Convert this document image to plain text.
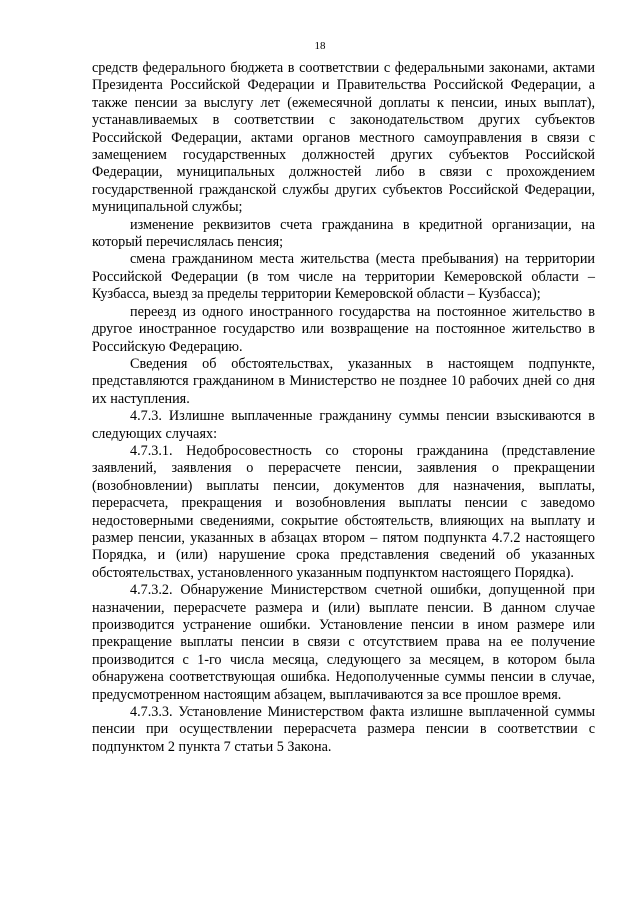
18

средств федерального бюджета в соответствии с федеральными законами, актами Президента Российской Федерации и Правительства Российской Федерации, а также пенсии за выслугу лет (ежемесячной доплаты к пенсии, иных выплат), устанавливаемых в соответствии с законодательством других субъектов Российской Федерации, актами органов местного самоуправления в связи с замещением государственных должностей других субъектов Российской Федерации, муниципальных должностей либо в связи с прохождением государственной гражданской службы других субъектов Российской Федерации, муниципальной службы;

изменение реквизитов счета гражданина в кредитной организации, на который перечислялась пенсия;

смена гражданином места жительства (места пребывания) на территории Российской Федерации (в том числе на территории Кемеровской области – Кузбасса, выезд за пределы территории Кемеровской области – Кузбасса);

переезд из одного иностранного государства на постоянное жительство в другое иностранное государство или возвращение на постоянное жительство в Российскую Федерацию.

Сведения об обстоятельствах, указанных в настоящем подпункте, представляются гражданином в Министерство не позднее 10 рабочих дней со дня их наступления.

4.7.3. Излишне выплаченные гражданину суммы пенсии взыскиваются в следующих случаях:

4.7.3.1. Недобросовестность со стороны гражданина (представление заявлений, заявления о перерасчете пенсии, заявления о прекращении (возобновлении) выплаты пенсии, документов для назначения, выплаты, перерасчета, прекращения и возобновления выплаты пенсии с заведомо недостоверными сведениями, сокрытие обстоятельств, влияющих на выплату и размер пенсии, указанных в абзацах втором – пятом подпункта 4.7.2 настоящего Порядка, и (или) нарушение срока представления сведений об указанных обстоятельствах, установленного указанным подпунктом настоящего Порядка).

4.7.3.2. Обнаружение Министерством счетной ошибки, допущенной при назначении, перерасчете размера и (или) выплате пенсии. В данном случае производится устранение ошибки. Установление пенсии в ином размере или прекращение выплаты пенсии в связи с отсутствием права на ее получение производится с 1-го числа месяца, следующего за месяцем, в котором была обнаружена соответствующая ошибка. Недополученные суммы пенсии в случае, предусмотренном настоящим абзацем, выплачиваются за все прошлое время.

4.7.3.3. Установление Министерством факта излишне выплаченной суммы пенсии при осуществлении перерасчета размера пенсии в соответствии с подпунктом 2 пункта 7 статьи 5 Закона.
